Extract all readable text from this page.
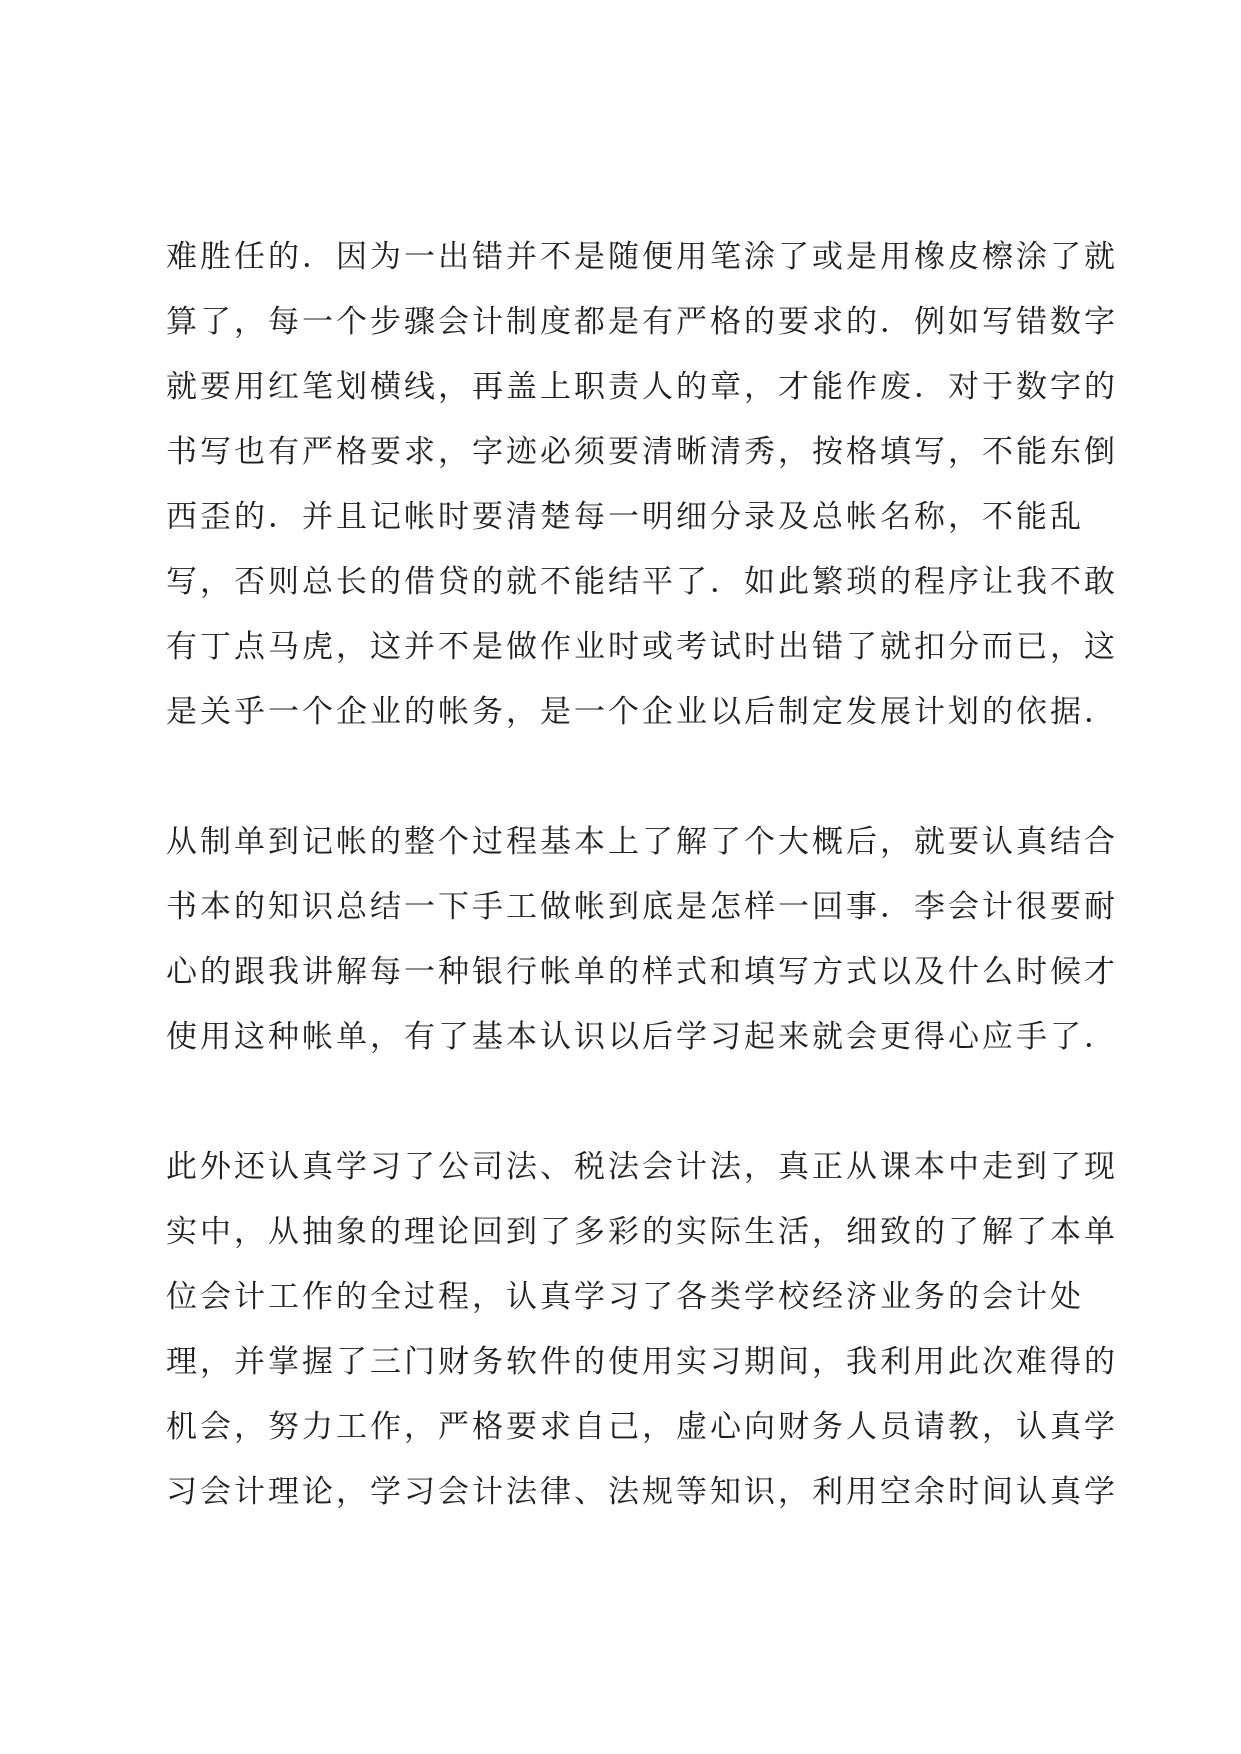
难胜任的．因为一出错并不是随便用笔涂了或是用橡皮檫涂了就
算了，每一个步骤会计制度都是有严格的要求的．例如写错数字
就要用红笔划横线，再盖上职责人的章，才能作废．对于数字的
书写也有严格要求，字迹必须要清晰清秀，按格填写，不能东倒
西歪的．并且记帐时要清楚每一明细分录及总帐名称，不能乱
写，否则总长的借贷的就不能结平了．如此繁琐的程序让我不敢
有丁点马虎，这并不是做作业时或考试时出错了就扣分而已，这
是关乎一个企业的帐务，是一个企业以后制定发展计划的依据．
从制单到记帐的整个过程基本上了解了个大概后，就要认真结合
书本的知识总结一下手工做帐到底是怎样一回事．李会计很要耐
心的跟我讲解每一种银行帐单的样式和填写方式以及什么时候才
使用这种帐单，有了基本认识以后学习起来就会更得心应手了．
此外还认真学习了公司法、税法会计法，真正从课本中走到了现
实中，从抽象的理论回到了多彩的实际生活，细致的了解了本单
位会计工作的全过程，认真学习了各类学校经济业务的会计处
理，并掌握了三门财务软件的使用实习期间，我利用此次难得的
机会，努力工作，严格要求自己，虚心向财务人员请教，认真学
习会计理论，学习会计法律、法规等知识，利用空余时间认真学
